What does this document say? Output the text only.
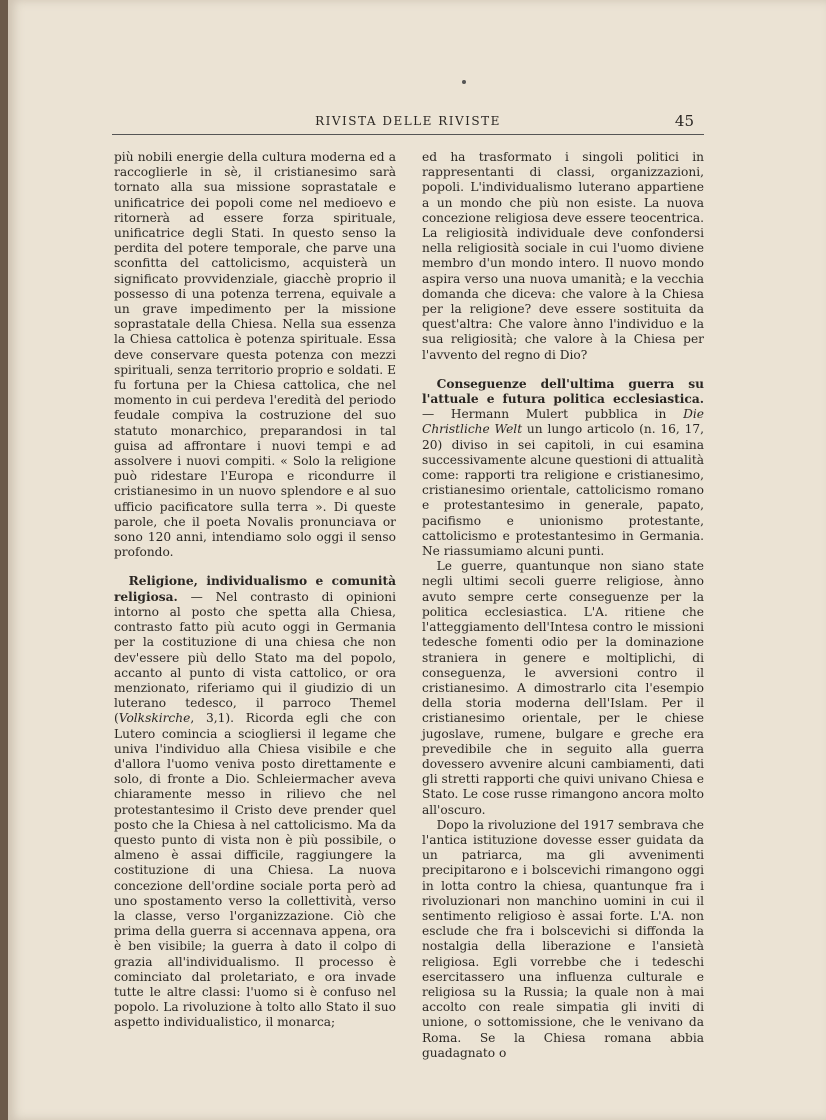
RIVISTA DELLE RIVISTE	45

più nobili energie della cultura moderna ed a raccoglierle in sè, il cristianesimo sarà tornato alla sua missione soprastatale e unificatrice dei popoli come nel medioevo e ritornerà ad essere forza spirituale, unificatrice degli Stati. In questo senso la perdita del potere temporale, che parve una sconfitta del cattolicismo, acquisterà un significato provvidenziale, giacchè proprio il possesso di una potenza terrena, equivale a un grave impedimento per la missione soprastatale della Chiesa. Nella sua essenza la Chiesa cattolica è potenza spirituale. Essa deve conservare questa potenza con mezzi spirituali, senza territorio proprio e soldati. E fu fortuna per la Chiesa cattolica, che nel momento in cui perdeva l'eredità del periodo feudale compiva la costruzione del suo statuto monarchico, preparandosi in tal guisa ad affrontare i nuovi tempi e ad assolvere i nuovi compiti. « Solo la religione può ridestare l'Europa e ricondurre il cristianesimo in un nuovo splendore e al suo ufficio pacificatore sulla terra ». Di queste parole, che il poeta Novalis pronunciava or sono 120 anni, intendiamo solo oggi il senso profondo.

Religione, individualismo e comunità religiosa. — Nel contrasto di opinioni intorno al posto che spetta alla Chiesa, contrasto fatto più acuto oggi in Germania per la costituzione di una chiesa che non dev'essere più dello Stato ma del popolo, accanto al punto di vista cattolico, or ora menzionato, riferiamo qui il giudizio di un luterano tedesco, il parroco Themel (Volkskirche, 3,1). Ricorda egli che con Lutero comincia a sciogliersi il legame che univa l'individuo alla Chiesa visibile e che d'allora l'uomo veniva posto direttamente e solo, di fronte a Dio. Schleiermacher aveva chiaramente messo in rilievo che nel protestantesimo il Cristo deve prender quel posto che la Chiesa à nel cattolicismo. Ma da questo punto di vista non è più possibile, o almeno è assai difficile, raggiungere la costituzione di una Chiesa. La nuova concezione dell'ordine sociale porta però ad uno spostamento verso la collettività, verso la classe, verso l'organizzazione. Ciò che prima della guerra si accennava appena, ora è ben visibile; la guerra à dato il colpo di grazia all'individualismo. Il processo è cominciato dal proletariato, e ora invade tutte le altre classi: l'uomo si è confuso nel popolo. La rivoluzione à tolto allo Stato il suo aspetto individualistico, il monarca;

ed ha trasformato i singoli politici in rappresentanti di classi, organizzazioni, popoli. L'individualismo luterano appartiene a un mondo che più non esiste. La nuova concezione religiosa deve essere teocentrica. La religiosità individuale deve confondersi nella religiosità sociale in cui l'uomo diviene membro d'un mondo intero. Il nuovo mondo aspira verso una nuova umanità; e la vecchia domanda che diceva: che valore à la Chiesa per la religione? deve essere sostituita da quest'altra: Che valore ànno l'individuo e la sua religiosità; che valore à la Chiesa per l'avvento del regno di Dio?

Conseguenze dell'ultima guerra su l'attuale e futura politica ecclesiastica. — Hermann Mulert pubblica in Die Christliche Welt un lungo articolo (n. 16, 17, 20) diviso in sei capitoli, in cui esamina successivamente alcune questioni di attualità come: rapporti tra religione e cristianesimo, cristianesimo orientale, cattolicismo romano e protestantesimo in generale, papato, pacifismo e unionismo protestante, cattolicismo e protestantesimo in Germania. Ne riassumiamo alcuni punti.

Le guerre, quantunque non siano state negli ultimi secoli guerre religiose, ànno avuto sempre certe conseguenze per la politica ecclesiastica. L'A. ritiene che l'atteggiamento dell'Intesa contro le missioni tedesche fomenti odio per la dominazione straniera in genere e moltiplichi, di conseguenza, le avversioni contro il cristianesimo. A dimostrarlo cita l'esempio della storia moderna dell'Islam. Per il cristianesimo orientale, per le chiese jugoslave, rumene, bulgare e greche era prevedibile che in seguito alla guerra dovessero avvenire alcuni cambiamenti, dati gli stretti rapporti che quivi univano Chiesa e Stato. Le cose russe rimangono ancora molto all'oscuro.

Dopo la rivoluzione del 1917 sembrava che l'antica istituzione dovesse esser guidata da un patriarca, ma gli avvenimenti precipitarono e i bolscevichi rimangono oggi in lotta contro la chiesa, quantunque fra i rivoluzionari non manchino uomini in cui il sentimento religioso è assai forte. L'A. non esclude che fra i bolscevichi si diffonda la nostalgia della liberazione e l'ansietà religiosa. Egli vorrebbe che i tedeschi esercitassero una influenza culturale e religiosa su la Russia; la quale non à mai accolto con reale simpatia gli inviti di unione, o sottomissione, che le venivano da Roma. Se la Chiesa romana abbia guadagnato o
